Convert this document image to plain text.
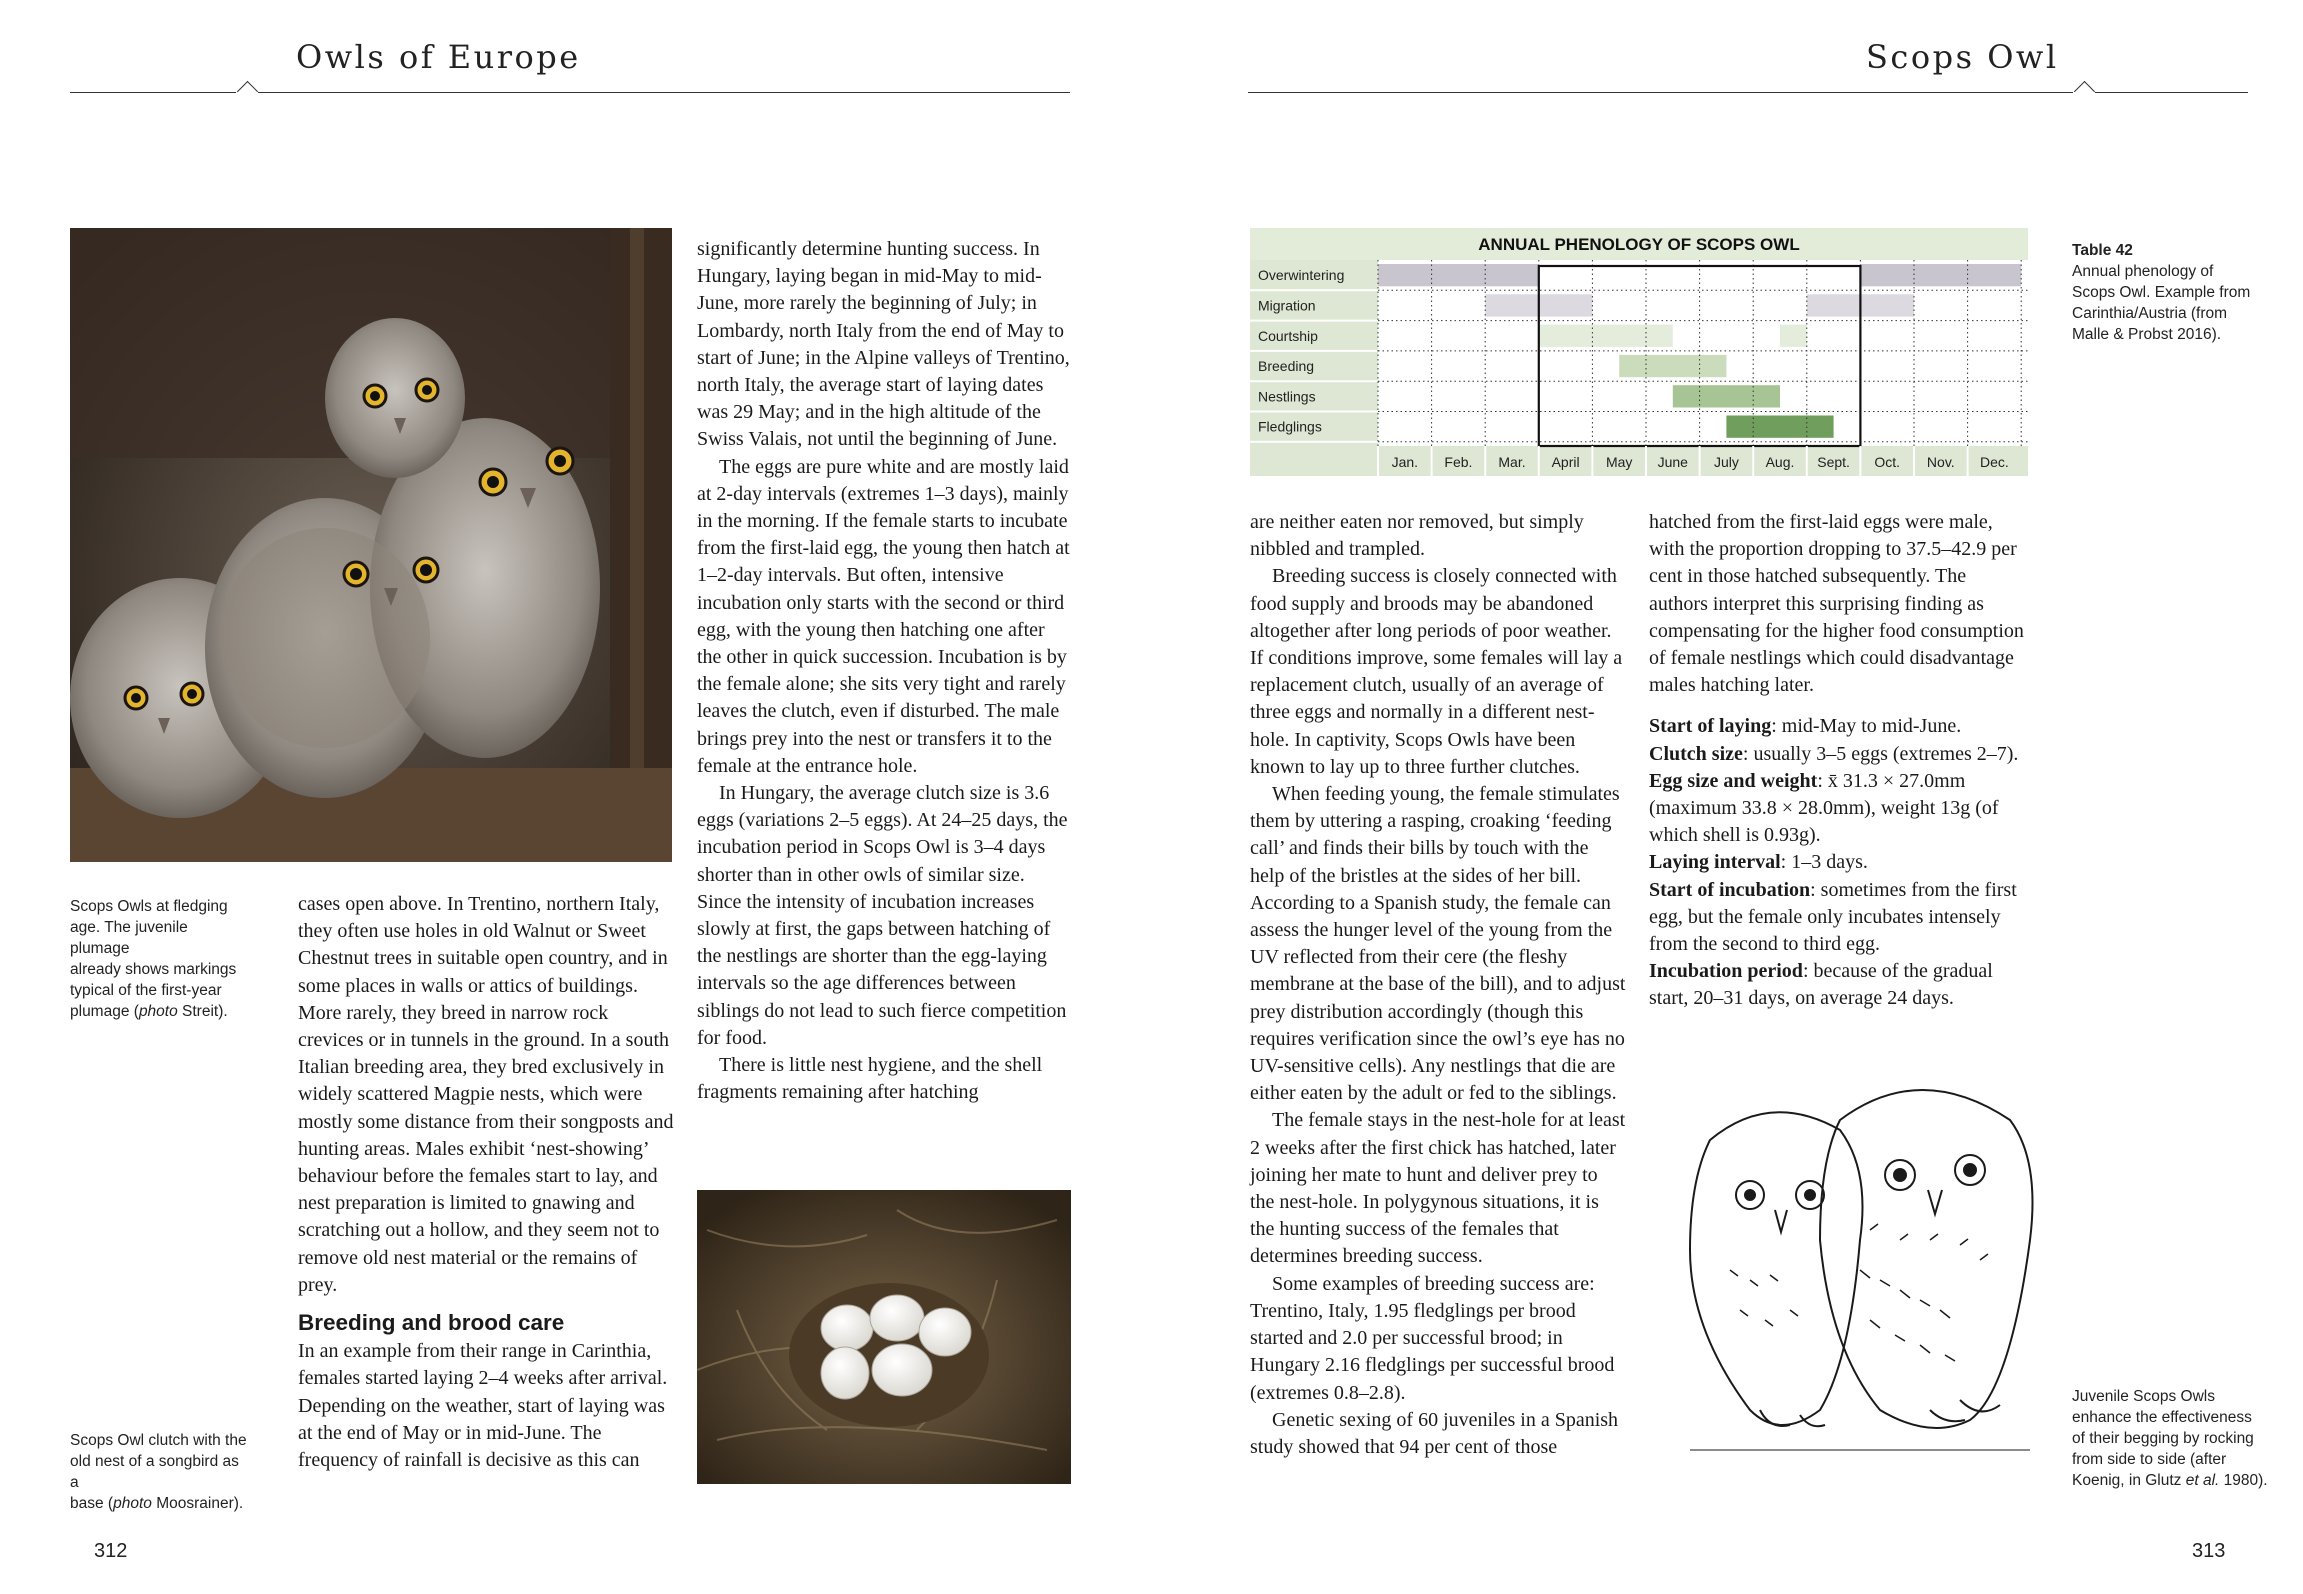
Owls of Europe	Scops Owl
Scops Owls at fledging
age. The juvenile plumage
already shows markings
typical of the first-year
plumage (photo Streit).
Scops Owl clutch with the
old nest of a songbird as a
base (photo Moosrainer).

cases open above. In Trentino, northern Italy, they often use holes in old Walnut or Sweet Chestnut trees in suitable open country, and in some places in walls or attics of buildings. More rarely, they breed in narrow rock crevices or in tunnels in the ground. In a south Italian breeding area, they bred exclusively in widely scattered Magpie nests, which were mostly some distance from their songposts and hunting areas. Males exhibit ‘nest-showing’ behaviour before the females start to lay, and nest preparation is limited to gnawing and scratching out a hollow, and they seem not to remove old nest material or the remains of prey.

Breeding and brood care

In an example from their range in Carinthia, females started laying 2–4 weeks after arrival. Depending on the weather, start of laying was at the end of May or in mid-June. The frequency of rainfall is decisive as this can

significantly determine hunting success. In Hungary, laying began in mid-May to mid-June, more rarely the beginning of July; in Lombardy, north Italy from the end of May to start of June; in the Alpine valleys of Trentino, north Italy, the average start of laying dates was 29 May; and in the high altitude of the Swiss Valais, not until the beginning of June.

The eggs are pure white and are mostly laid at 2-day intervals (extremes 1–3 days), mainly in the morning. If the female starts to incubate from the first-laid egg, the young then hatch at 1–2-day intervals. But often, intensive incubation only starts with the second or third egg, with the young then hatching one after the other in quick succession. Incubation is by the female alone; she sits very tight and rarely leaves the clutch, even if disturbed. The male brings prey into the nest or transfers it to the female at the entrance hole.

In Hungary, the average clutch size is 3.6 eggs (variations 2–5 eggs). At 24–25 days, the incubation period in Scops Owl is 3–4 days shorter than in other owls of similar size. Since the intensity of incubation increases slowly at first, the gaps between hatching of the nestlings are shorter than the egg-laying intervals so the age differences between siblings do not lead to such fierce competition for food.

There is little nest hygiene, and the shell fragments remaining after hatching

ANNUAL PHENOLOGY OF SCOPS OWL
Overwintering
Migration
Courtship
Breeding
Nestlings
Fledglings
Jan. Feb. Mar. April May June July Aug. Sept. Oct. Nov. Dec.
Table 42
Annual phenology of
Scops Owl. Example from
Carinthia/Austria (from
Malle & Probst 2016).

are neither eaten nor removed, but simply nibbled and trampled.

Breeding success is closely connected with food supply and broods may be abandoned altogether after long periods of poor weather. If conditions improve, some females will lay a replacement clutch, usually of an average of three eggs and normally in a different nest-hole. In captivity, Scops Owls have been known to lay up to three further clutches.

When feeding young, the female stimulates them by uttering a rasping, croaking ‘feeding call’ and finds their bills by touch with the help of the bristles at the sides of her bill. According to a Spanish study, the female can assess the hunger level of the young from the UV reflected from their cere (the fleshy membrane at the base of the bill), and to adjust prey distribution accordingly (though this requires verification since the owl’s eye has no UV-sensitive cells). Any nestlings that die are either eaten by the adult or fed to the siblings.

The female stays in the nest-hole for at least 2 weeks after the first chick has hatched, later joining her mate to hunt and deliver prey to the nest-hole. In polygynous situations, it is the hunting success of the females that determines breeding success.

Some examples of breeding success are: Trentino, Italy, 1.95 fledglings per brood started and 2.0 per successful brood; in Hungary 2.16 fledglings per successful brood (extremes 0.8–2.8).

Genetic sexing of 60 juveniles in a Spanish study showed that 94 per cent of those

hatched from the first-laid eggs were male, with the proportion dropping to 37.5–42.9 per cent in those hatched subsequently. The authors interpret this surprising finding as compensating for the higher food consumption of female nestlings which could disadvantage males hatching later.

Start of laying: mid-May to mid-June.

Clutch size: usually 3–5 eggs (extremes 2–7).

Egg size and weight: x̄ 31.3 × 27.0mm (maximum 33.8 × 28.0mm), weight 13g (of which shell is 0.93g).

Laying interval: 1–3 days.

Start of incubation: sometimes from the first egg, but the female only incubates intensely from the second to third egg.

Incubation period: because of the gradual start, 20–31 days, on average 24 days.

Juvenile Scops Owls
enhance the effectiveness
of their begging by rocking
from side to side (after
Koenig, in Glutz et al. 1980).
312	313
